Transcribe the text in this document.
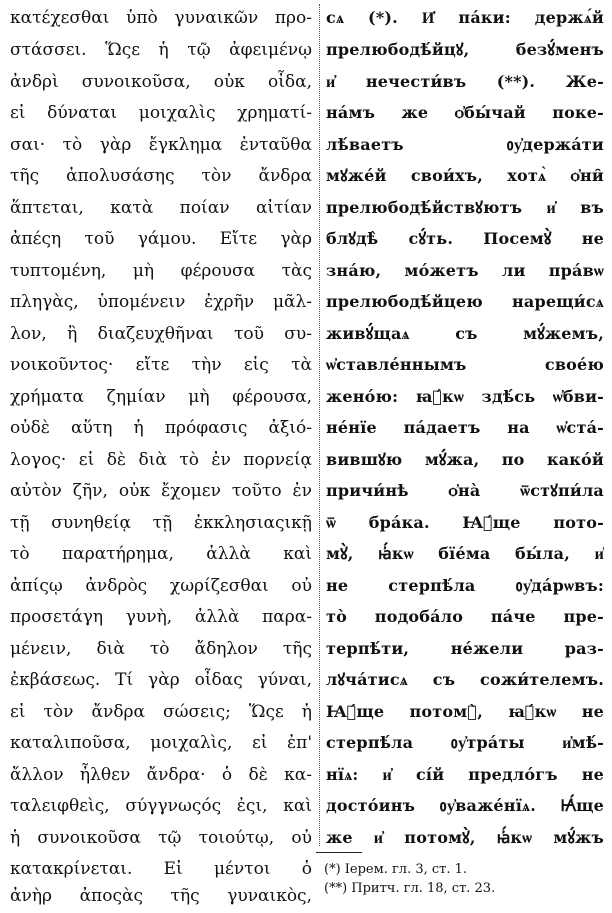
κατέχεσθαι ὑπὸ γυναικῶν προ-
στάσσει. Ὥςε ἡ τῷ ἀφειμένῳ
ἀνδρὶ συνοικοῦσα, οὐκ οἶδα,
εἰ δύναται μοιχαλὶς χρηματί-
σαι· τὸ γὰρ ἔγκλημα ἐνταῦθα
τῆς ἀπολυσάσης τὸν ἄνδρα
ἅπτεται, κατὰ ποίαν αἰτίαν
ἀπέςη τοῦ γάμου. Εἴτε γὰρ
τυπτομένη, μὴ φέρουσα τὰς
πληγὰς, ὑπομένειν ἐχρῆν μᾶλ-
λον, ἢ διαζευχθῆναι τοῦ συ-
νοικοῦντος· εἴτε τὴν εἰς τὰ
χρήματα ζημίαν μὴ φέρουσα,
οὐδὲ αὕτη ἡ πρόφασις ἀξιό-
λογος· εἰ δὲ διὰ τὸ ἐν πορνείᾳ
αὐτὸν ζῆν, οὐκ ἔχομεν τοῦτο ἐν
τῇ συνηθείᾳ τῇ ἐκκλησιαςικῇ
τὸ παρατήρημα, ἀλλὰ καὶ
ἀπίςῳ ἀνδρὸς χωρίζεσθαι οὐ
προσετάγη γυνὴ, ἀλλὰ παρα-
μένειν, διὰ τὸ ἄδηλον τῆς
ἐκβάσεως. Τί γὰρ οἶδας γύναι,
εἰ τὸν ἄνδρα σώσεις; Ὥςε ἡ
καταλιποῦσα, μοιχαλὶς, εἰ ἐπ'
ἄλλον ἦλθεν ἄνδρα· ὁ δὲ κα-
ταλειφθεὶς, σύγγνωςός ἐςι, καὶ
ἡ συνοικοῦσα τῷ τοιούτῳ, οὐ
κατακρίνεται. Εἰ μέντοι ὁ
ἀνὴρ ἀποςὰς τῆς γυναικὸς,
сѧ (*). И҆ па́ки: держѧ́й
прелюбодѣ́йцꙋ, безꙋ́менъ
и҆ нечести́въ (**). Же-
на́мъ же ѻ҆бы́чай поке-
лѣ́ваетъ ᲂу҆держа́ти
мꙋже́й свои́хъ, хотѧ̀ ѻ҆ни̑
прелюбодѣ́йствꙋютъ и҆ въ
блꙋдѣ̀ сꙋ́ть. Посемꙋ̀ не
зна́ю, мо́жетъ ли пра́вѡ
прелюбодѣ́йцею нарещи́сѧ
живꙋ́щаѧ съ мꙋ́жемъ,
ѡ҆ставле́ннымъ свое́ю
жено́ю: ꙗ҆́кѡ здѣ́сь ѡ҆бви-
не́нїе па́даетъ на ѡ҆ста́-
вившꙋю мꙋ́жа, по како́й
причи́нѣ ѻ҆на̀ ѿстꙋпи́ла
ѿ бра́ка. Ꙗ҆́ще пото-
мꙋ̀, ꙗ҆́кѡ бїе́ма бы́ла, и҆
не стерпѣ́ла ᲂу҆да́рѡвъ:
то̀ подоба́ло па́че пре-
терпѣ́ти, не́жели раз-
лꙋча́тисѧ съ сожи́телемъ.
Ꙗ҆́ще потомꙋ̀, ꙗ҆́кѡ не
стерпѣ́ла ᲂу҆тра́ты и҆мѣ́-
нїѧ: и҆ сі́й предло́гъ не
досто́инъ ᲂу҆важе́нїѧ. Ꙗ҆́ще
же и҆ потомꙋ̀, ꙗ҆́кѡ мꙋ́жъ
(*) Iерем. гл. 3, ст. 1.
(**) Притч. гл. 18, ст. 23.
